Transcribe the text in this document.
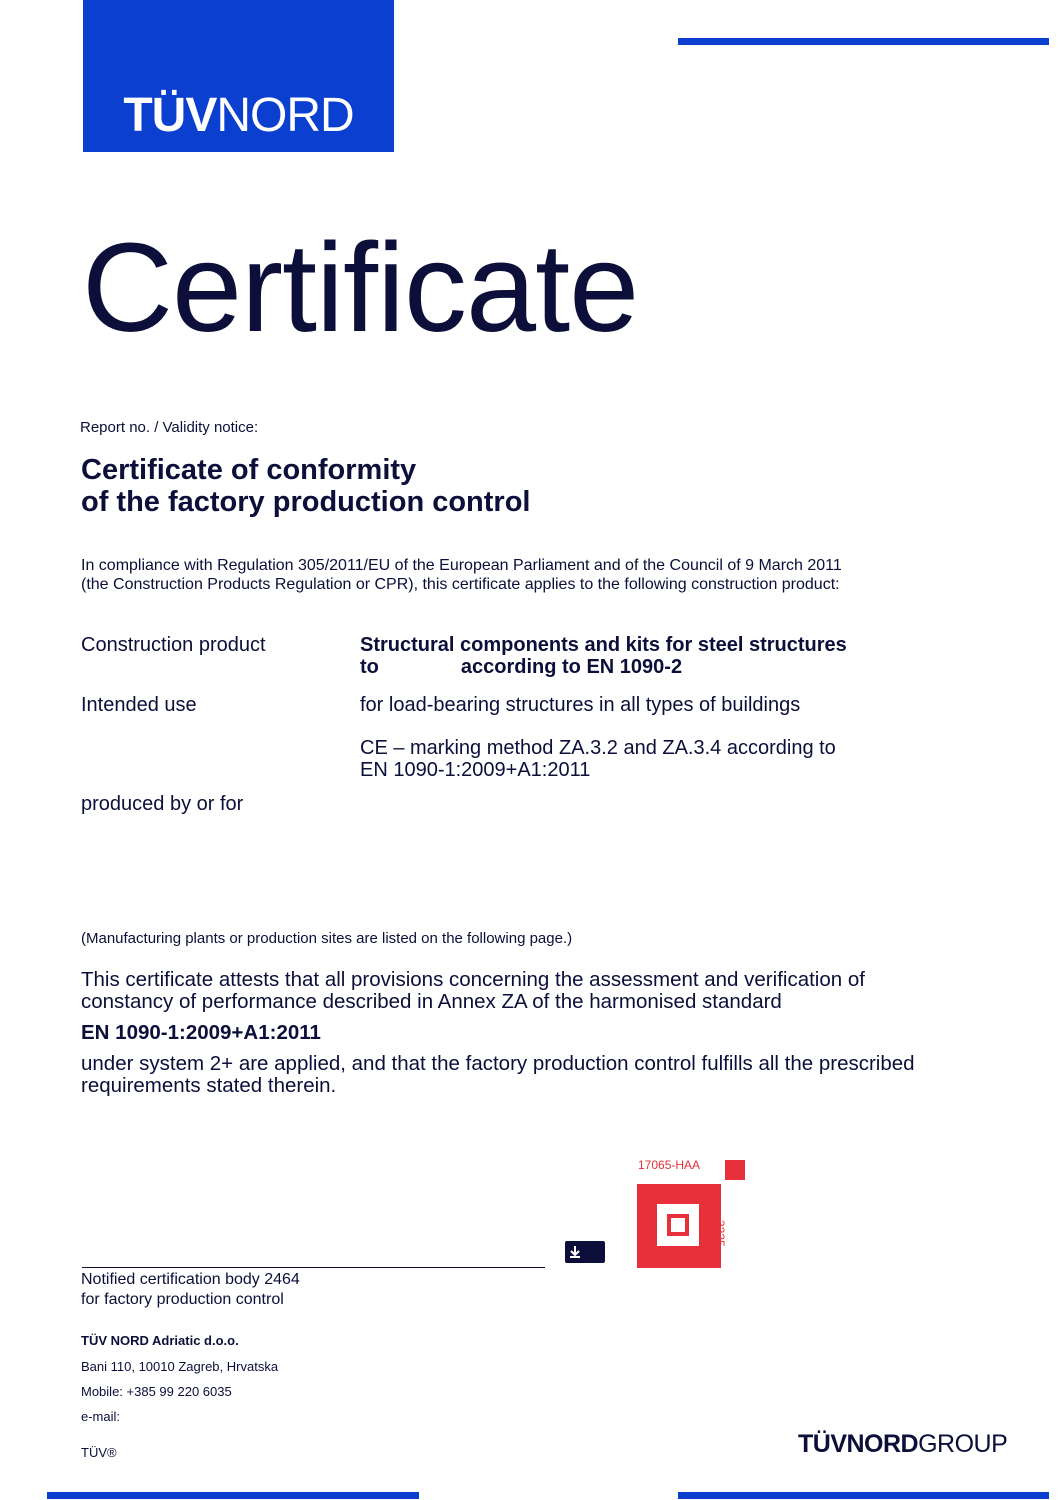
TÜVNORD
Certificate
Report no. / Validity notice:
Certificate of conformity
of the factory production control
In compliance with Regulation 305/2011/EU of the European Parliament and of the Council of 9 March 2011
(the Construction Products Regulation or CPR), this certificate applies to the following construction product:
Construction product	Structural components and kits for steel structures
to	according to EN 1090-2
Intended use	for load-bearing structures in all types of buildings
CE – marking method ZA.3.2 and ZA.3.4 according to
EN 1090-1:2009+A1:2011
produced by or for
(Manufacturing plants or production sites are listed on the following page.)
This certificate attests that all provisions concerning the assessment and verification of
constancy of performance described in Annex ZA of the harmonised standard
EN 1090-1:2009+A1:2011
under system 2+ are applied, and that the factory production control fulfills all the prescribed
requirements stated therein.
17065-HAA
3235
Notified certification body 2464
for factory production control
TÜV NORD Adriatic d.o.o.
Bani 110, 10010 Zagreb, Hrvatska
Mobile: +385 99 220 6035
e-mail:
TÜV®	TÜVNORDGROUP
